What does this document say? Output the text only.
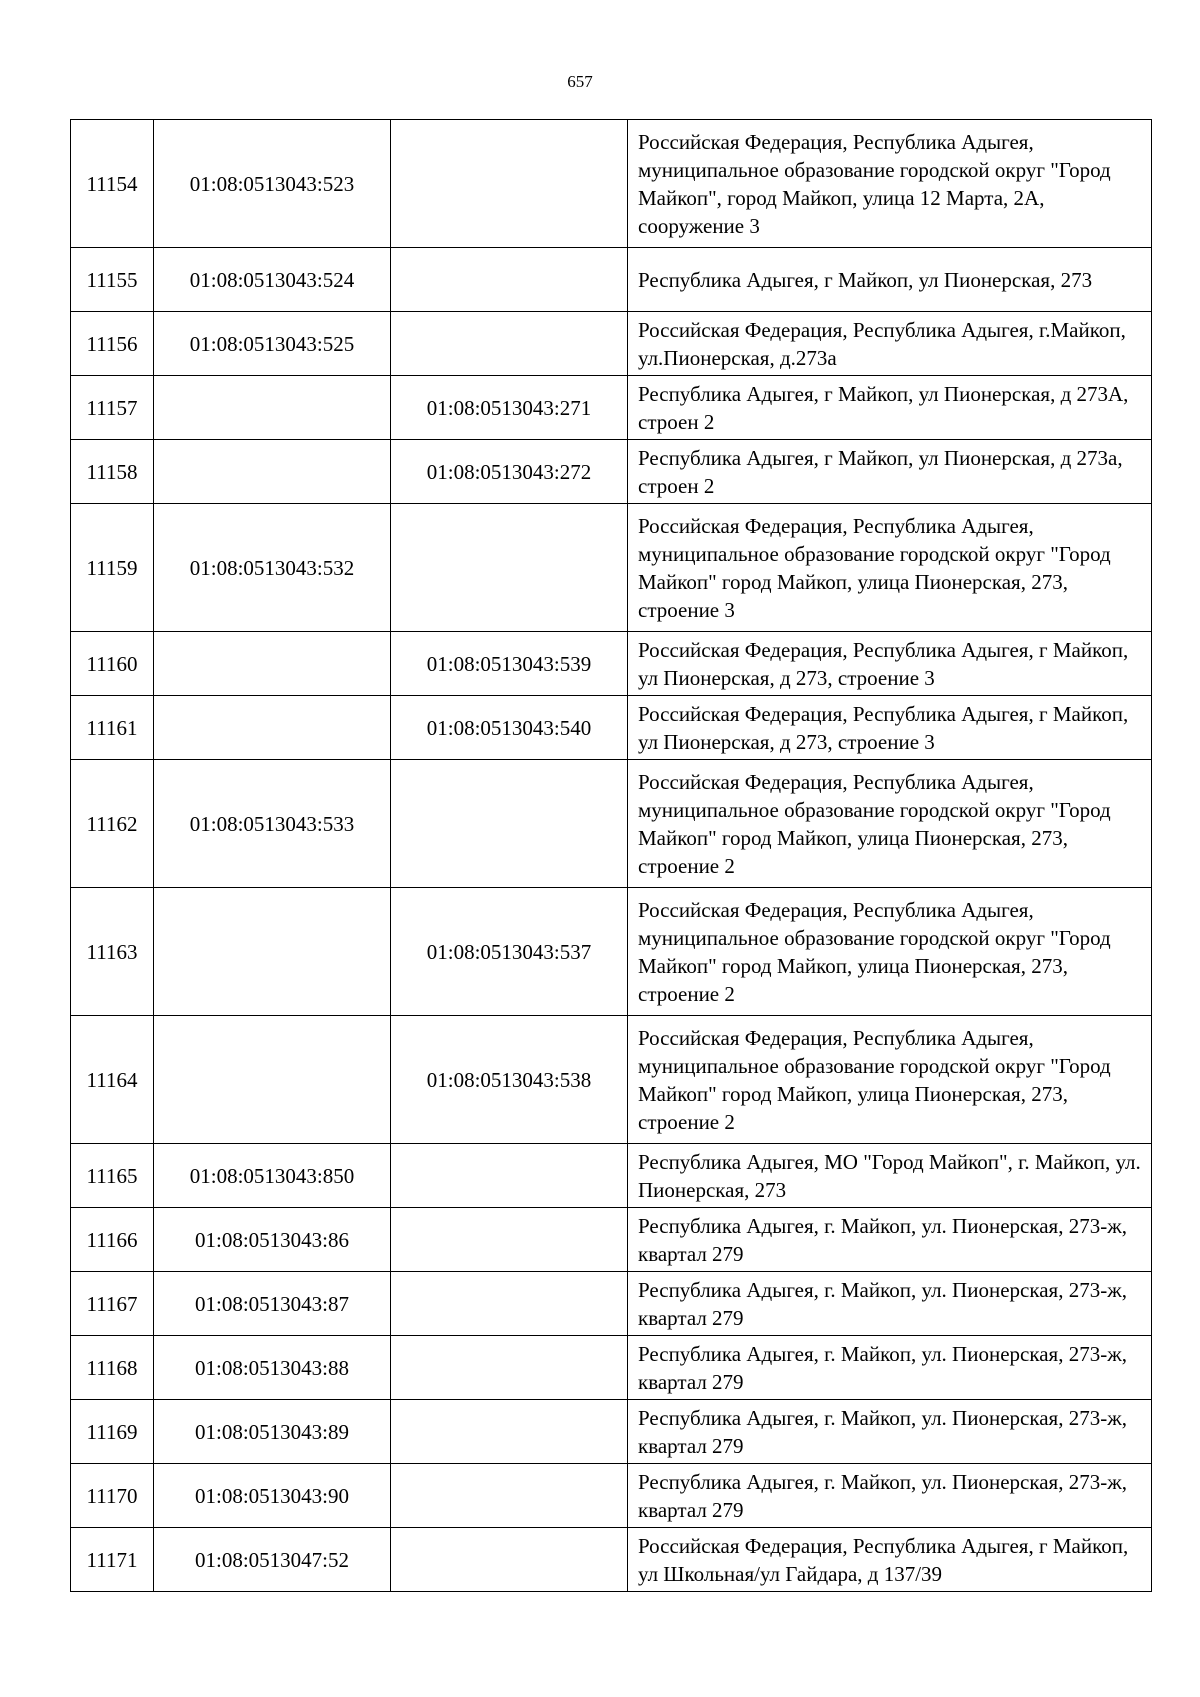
657
11154	01:08:0513043:523		Российская Федерация, Республика Адыгея, муниципальное образование городской округ "Город Майкоп", город Майкоп, улица 12 Марта, 2А, сооружение 3
11155	01:08:0513043:524		Республика Адыгея, г Майкоп, ул Пионерская, 273
11156	01:08:0513043:525		Российская Федерация, Республика Адыгея, г.Майкоп, ул.Пионерская, д.273а
11157		01:08:0513043:271	Республика Адыгея, г Майкоп, ул Пионерская, д 273А, строен 2
11158		01:08:0513043:272	Республика Адыгея, г Майкоп, ул Пионерская, д 273а, строен 2
11159	01:08:0513043:532		Российская Федерация, Республика Адыгея, муниципальное образование городской округ "Город Майкоп" город Майкоп, улица Пионерская, 273, строение 3
11160		01:08:0513043:539	Российская Федерация, Республика Адыгея, г Майкоп, ул Пионерская, д 273, строение 3
11161		01:08:0513043:540	Российская Федерация, Республика Адыгея, г Майкоп, ул Пионерская, д 273, строение 3
11162	01:08:0513043:533		Российская Федерация, Республика Адыгея, муниципальное образование городской округ "Город Майкоп" город Майкоп, улица Пионерская, 273, строение 2
11163		01:08:0513043:537	Российская Федерация, Республика Адыгея, муниципальное образование городской округ "Город Майкоп" город Майкоп, улица Пионерская, 273, строение 2
11164		01:08:0513043:538	Российская Федерация, Республика Адыгея, муниципальное образование городской округ "Город Майкоп" город Майкоп, улица Пионерская, 273, строение 2
11165	01:08:0513043:850		Республика Адыгея, МО "Город Майкоп", г. Майкоп, ул. Пионерская, 273
11166	01:08:0513043:86		Республика Адыгея, г. Майкоп, ул. Пионерская, 273-ж, квартал 279
11167	01:08:0513043:87		Республика Адыгея, г. Майкоп, ул. Пионерская, 273-ж, квартал 279
11168	01:08:0513043:88		Республика Адыгея, г. Майкоп, ул. Пионерская, 273-ж, квартал 279
11169	01:08:0513043:89		Республика Адыгея, г. Майкоп, ул. Пионерская, 273-ж, квартал 279
11170	01:08:0513043:90		Республика Адыгея, г. Майкоп, ул. Пионерская, 273-ж, квартал 279
11171	01:08:0513047:52		Российская Федерация, Республика Адыгея, г Майкоп, ул Школьная/ул Гайдара, д 137/39
